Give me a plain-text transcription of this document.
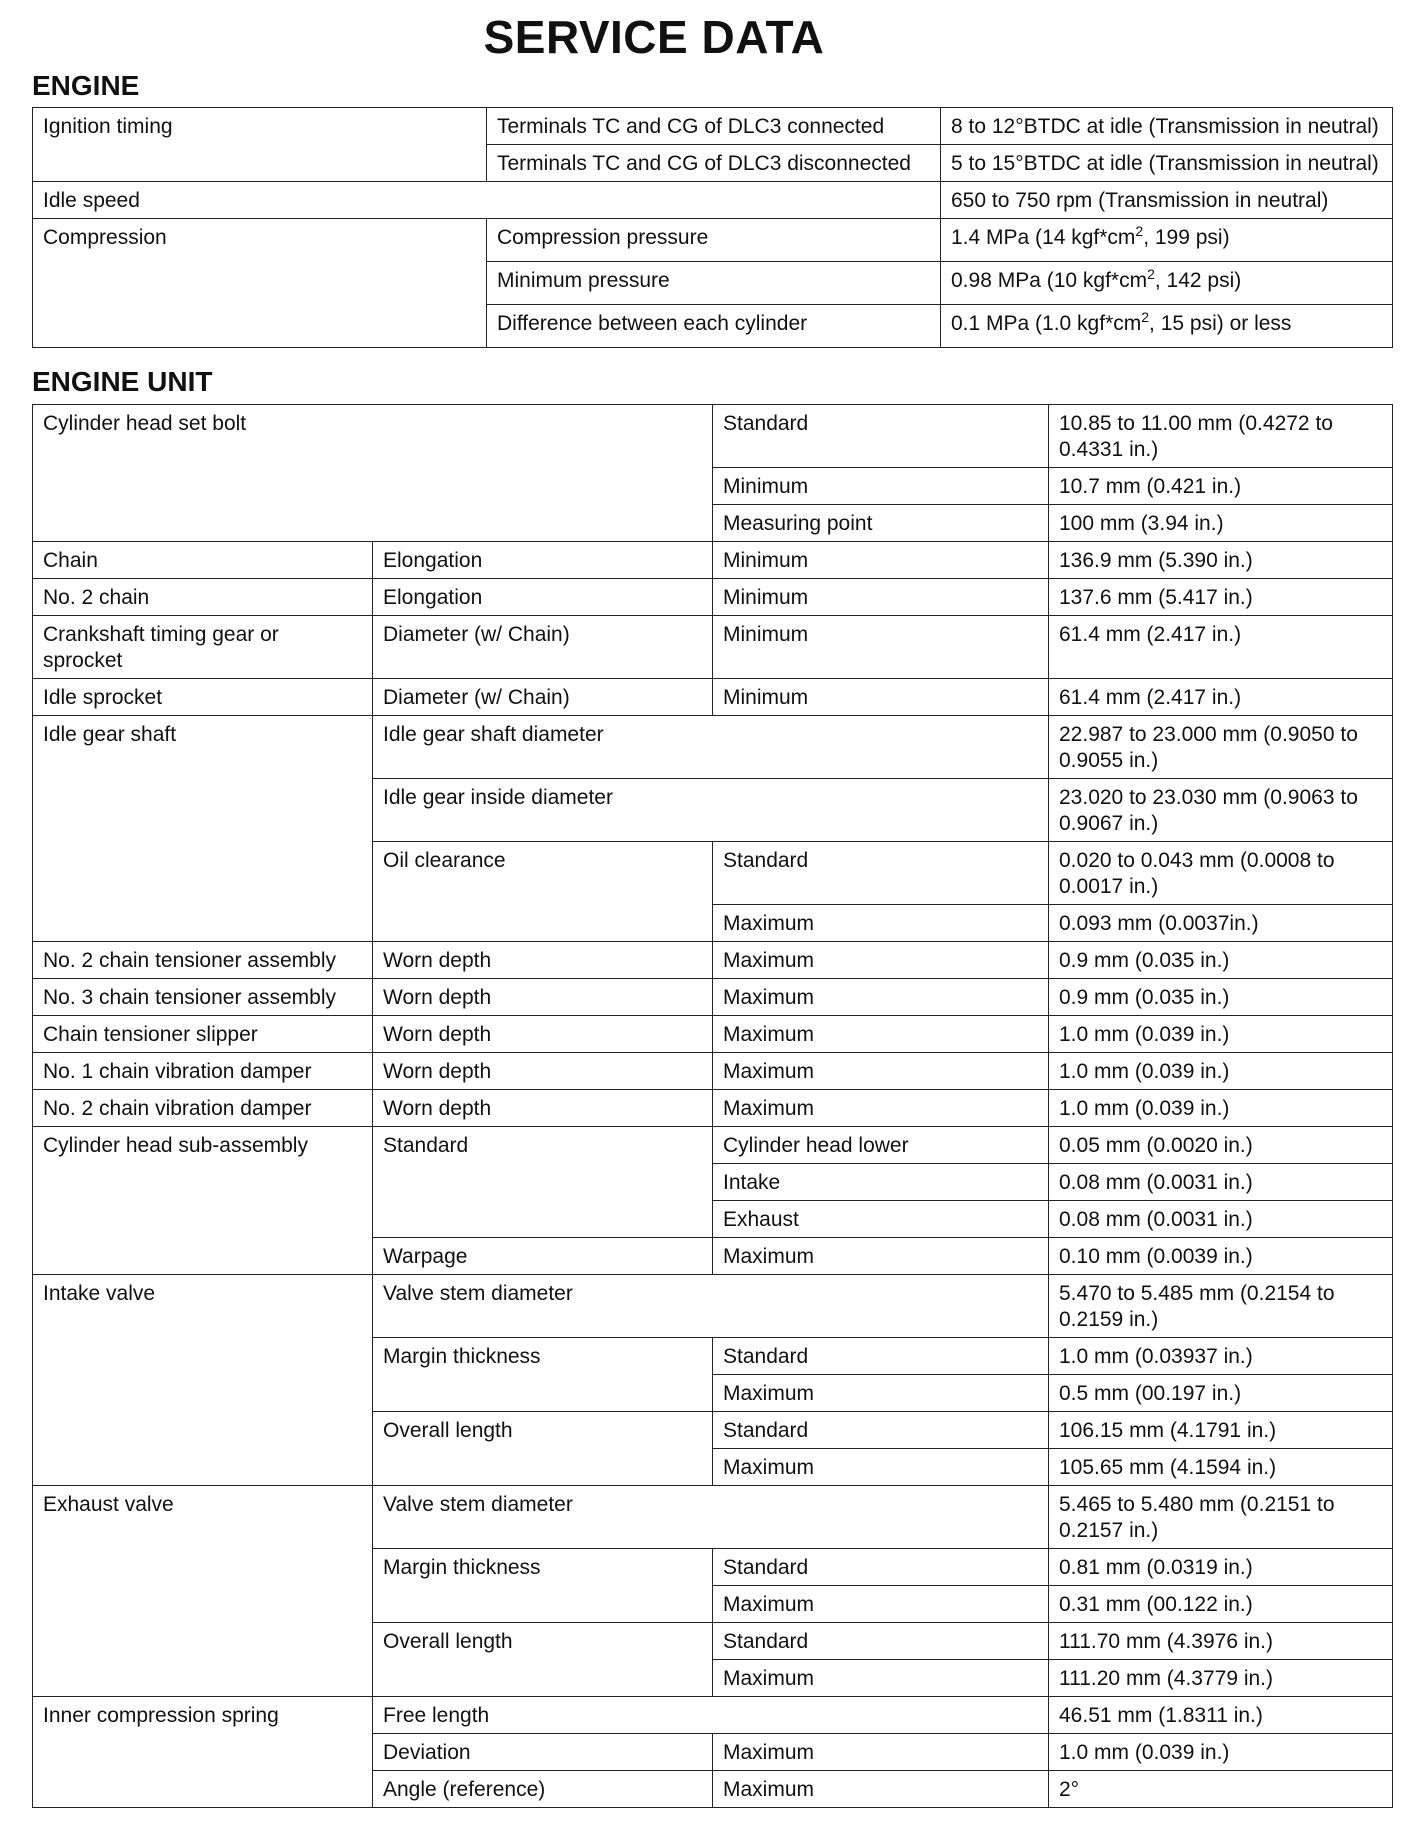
SERVICE DATA
ENGINE
Ignition timing	Terminals TC and CG of DLC3 connected	8 to 12°BTDC at idle (Transmission in neutral)
	Terminals TC and CG of DLC3 disconnected	5 to 15°BTDC at idle (Transmission in neutral)
Idle speed		650 to 750 rpm (Transmission in neutral)
Compression	Compression pressure	1.4 MPa (14 $kgf*cm^2$, 199 psi)
	Minimum pressure	0.98 MPa (10 $kgf*cm^2$, 142 psi)
	Difference between each cylinder	0.1 MPa (1.0 $kgf*cm^2$, 15 psi) or less
ENGINE UNIT
Cylinder head set bolt		Standard	10.85 to 11.00 mm (0.4272 to 0.4331 in.)
		Minimum	10.7 mm (0.421 in.)
		Measuring point	100 mm (3.94 in.)
Chain	Elongation	Minimum	136.9 mm (5.390 in.)
No. 2 chain	Elongation	Minimum	137.6 mm (5.417 in.)
Crankshaft timing gear or sprocket	Diameter (w/ Chain)	Minimum	61.4 mm (2.417 in.)
Idle sprocket	Diameter (w/ Chain)	Minimum	61.4 mm (2.417 in.)
Idle gear shaft	Idle gear shaft diameter		22.987 to 23.000 mm (0.9050 to 0.9055 in.)
	Idle gear inside diameter		23.020 to 23.030 mm (0.9063 to 0.9067 in.)
	Oil clearance	Standard	0.020 to 0.043 mm (0.0008 to 0.0017 in.)
		Maximum	0.093 mm (0.0037in.)
No. 2 chain tensioner assembly	Worn depth	Maximum	0.9 mm (0.035 in.)
No. 3 chain tensioner assembly	Worn depth	Maximum	0.9 mm (0.035 in.)
Chain tensioner slipper	Worn depth	Maximum	1.0 mm (0.039 in.)
No. 1 chain vibration damper	Worn depth	Maximum	1.0 mm (0.039 in.)
No. 2 chain vibration damper	Worn depth	Maximum	1.0 mm (0.039 in.)
Cylinder head sub-assembly	Standard	Cylinder head lower	0.05 mm (0.0020 in.)
		Intake	0.08 mm (0.0031 in.)
		Exhaust	0.08 mm (0.0031 in.)
	Warpage	Maximum	0.10 mm (0.0039 in.)
Intake valve	Valve stem diameter		5.470 to 5.485 mm (0.2154 to 0.2159 in.)
	Margin thickness	Standard	1.0 mm (0.03937 in.)
		Maximum	0.5 mm (00.197 in.)
	Overall length	Standard	106.15 mm (4.1791 in.)
		Maximum	105.65 mm (4.1594 in.)
Exhaust valve	Valve stem diameter		5.465 to 5.480 mm (0.2151 to 0.2157 in.)
	Margin thickness	Standard	0.81 mm (0.0319 in.)
		Maximum	0.31 mm (00.122 in.)
	Overall length	Standard	111.70 mm (4.3976 in.)
		Maximum	111.20 mm (4.3779 in.)
Inner compression spring	Free length		46.51 mm (1.8311 in.)
	Deviation	Maximum	1.0 mm (0.039 in.)
	Angle (reference)	Maximum	2°
